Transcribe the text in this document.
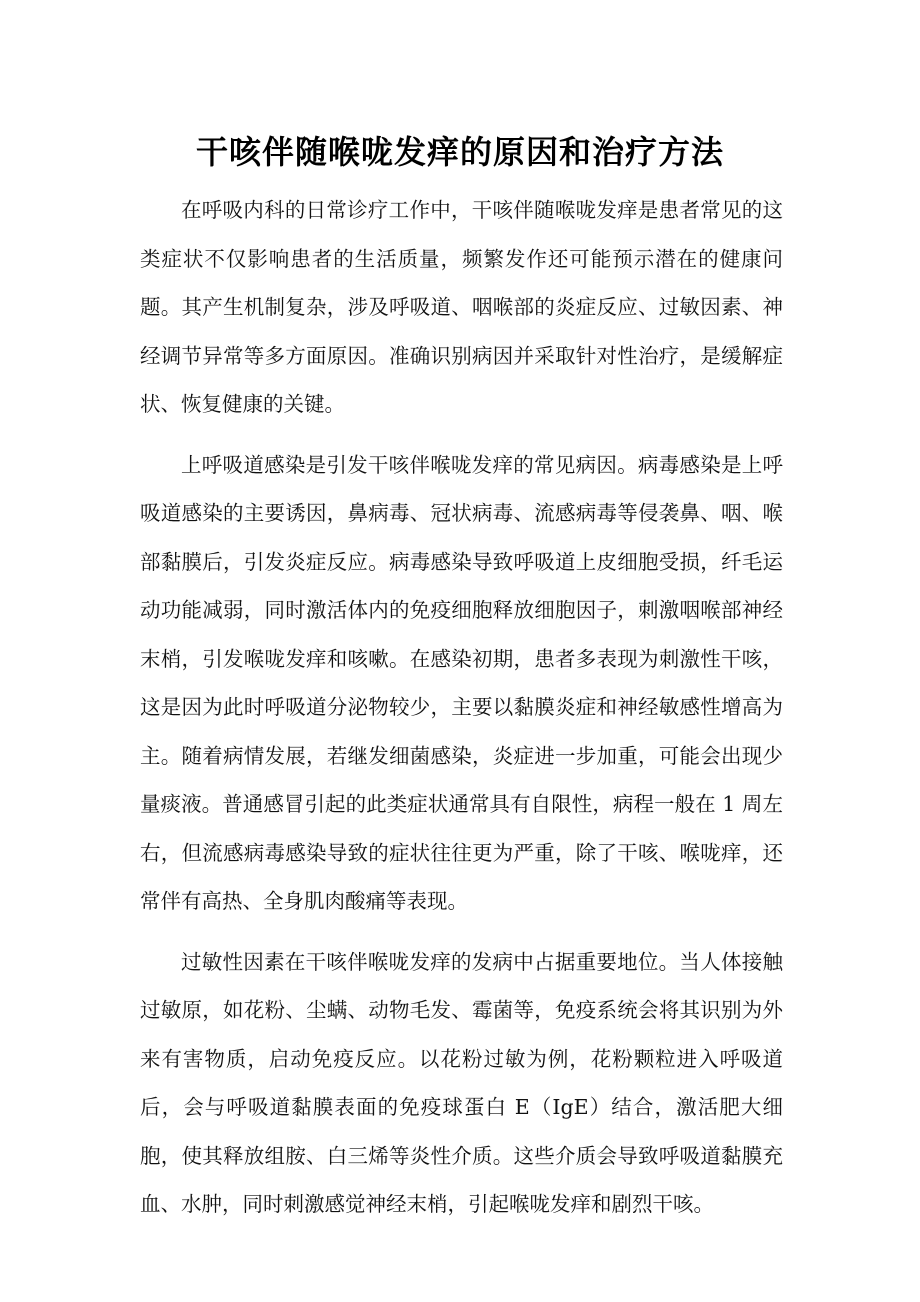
干咳伴随喉咙发痒的原因和治疗方法

在呼吸内科的日常诊疗工作中，干咳伴随喉咙发痒是患者常见的这类症状不仅影响患者的生活质量，频繁发作还可能预示潜在的健康问题。其产生机制复杂，涉及呼吸道、咽喉部的炎症反应、过敏因素、神经调节异常等多方面原因。准确识别病因并采取针对性治疗，是缓解症状、恢复健康的关键。

上呼吸道感染是引发干咳伴喉咙发痒的常见病因。病毒感染是上呼吸道感染的主要诱因，鼻病毒、冠状病毒、流感病毒等侵袭鼻、咽、喉部黏膜后，引发炎症反应。病毒感染导致呼吸道上皮细胞受损，纤毛运动功能减弱，同时激活体内的免疫细胞释放细胞因子，刺激咽喉部神经末梢，引发喉咙发痒和咳嗽。在感染初期，患者多表现为刺激性干咳，这是因为此时呼吸道分泌物较少，主要以黏膜炎症和神经敏感性增高为主。随着病情发展，若继发细菌感染，炎症进一步加重，可能会出现少量痰液。普通感冒引起的此类症状通常具有自限性，病程一般在 1 周左右，但流感病毒感染导致的症状往往更为严重，除了干咳、喉咙痒，还常伴有高热、全身肌肉酸痛等表现。

过敏性因素在干咳伴喉咙发痒的发病中占据重要地位。当人体接触过敏原，如花粉、尘螨、动物毛发、霉菌等，免疫系统会将其识别为外来有害物质，启动免疫反应。以花粉过敏为例，花粉颗粒进入呼吸道后，会与呼吸道黏膜表面的免疫球蛋白 E（IgE）结合，激活肥大细胞，使其释放组胺、白三烯等炎性介质。这些介质会导致呼吸道黏膜充血、水肿，同时刺激感觉神经末梢，引起喉咙发痒和剧烈干咳。
